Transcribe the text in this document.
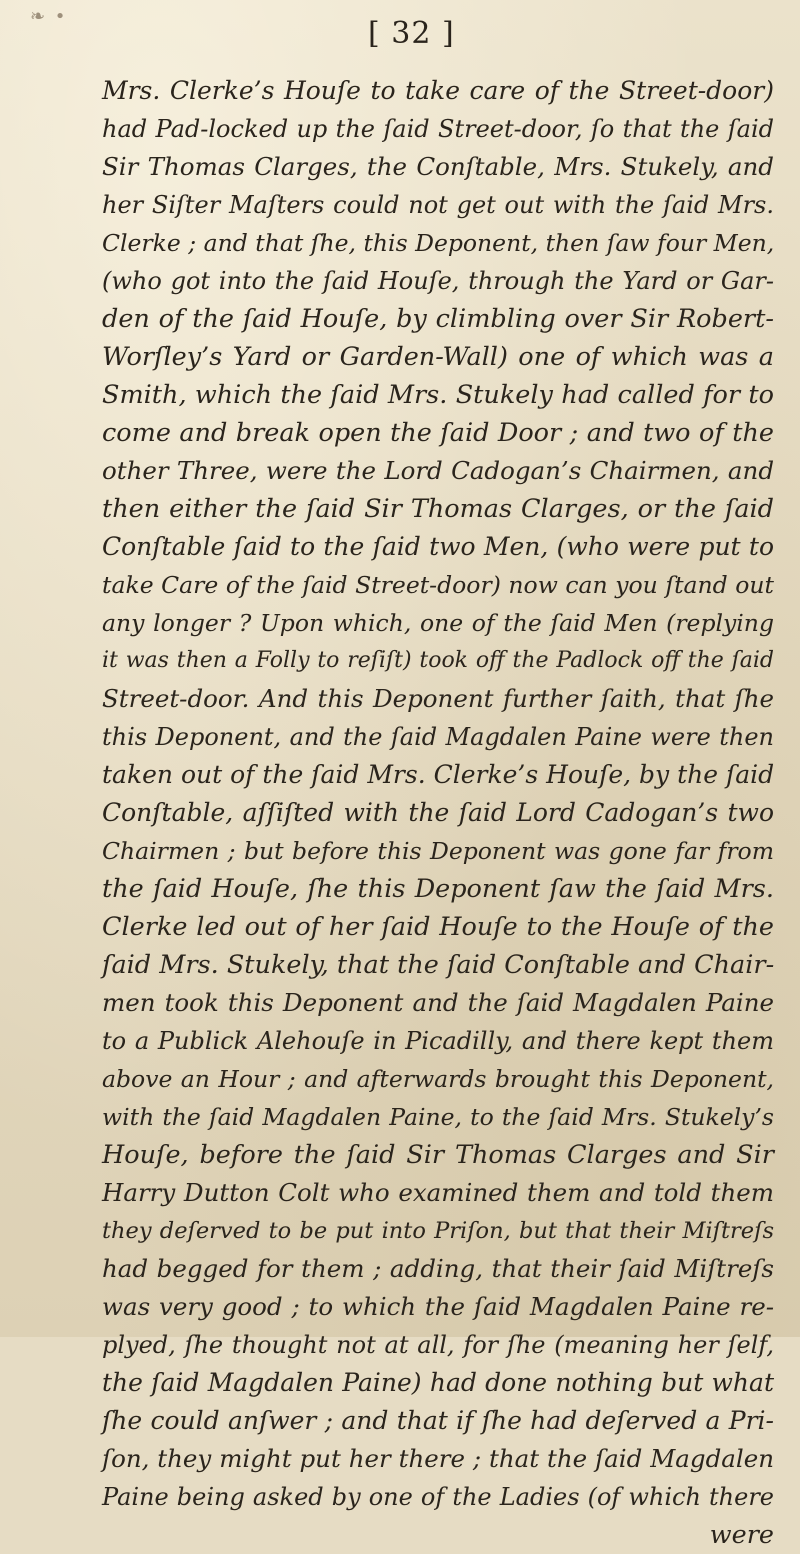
❧ •	[ 32 ]
Mrs. Clerke’s Houſe to take care of the Street-door)
had Pad-locked up the ſaid Street-door, ſo that the ſaid
Sir Thomas Clarges, the Conſtable, Mrs. Stukely, and
her Siſter Maſters could not get out with the ſaid Mrs.
Clerke ; and that ſhe, this Deponent, then ſaw four Men,
(who got into the ſaid Houſe, through the Yard or Gar-
den of the ſaid Houſe, by climbling over Sir Robert-
Worſley’s Yard or Garden-Wall) one of which was a
Smith, which the ſaid Mrs. Stukely had called for to
come and break open the ſaid Door ; and two of the
other Three, were the Lord Cadogan’s Chairmen, and
then either the ſaid Sir Thomas Clarges, or the ſaid
Conſtable ſaid to the ſaid two Men, (who were put to
take Care of the ſaid Street-door) now can you ſtand out
any longer ? Upon which, one of the ſaid Men (replying
it was then a Folly to reſiſt) took off the Padlock off the ſaid
Street-door. And this Deponent further ſaith, that ſhe
this Deponent, and the ſaid Magdalen Paine were then
taken out of the ſaid Mrs. Clerke’s Houſe, by the ſaid
Conſtable, aſſiſted with the ſaid Lord Cadogan’s two
Chairmen ; but before this Deponent was gone far from
the ſaid Houſe, ſhe this Deponent ſaw the ſaid Mrs.
Clerke led out of her ſaid Houſe to the Houſe of the
ſaid Mrs. Stukely, that the ſaid Conſtable and Chair-
men took this Deponent and the ſaid Magdalen Paine
to a Publick Alehouſe in Picadilly, and there kept them
above an Hour ; and afterwards brought this Deponent,
with the ſaid Magdalen Paine, to the ſaid Mrs. Stukely’s
Houſe, before the ſaid Sir Thomas Clarges and Sir
Harry Dutton Colt who examined them and told them
they deſerved to be put into Priſon, but that their Miſtreſs
had begged for them ; adding, that their ſaid Miſtreſs
was very good ; to which the ſaid Magdalen Paine re-
plyed, ſhe thought not at all, for ſhe (meaning her ſelf,
the ſaid Magdalen Paine) had done nothing but what
ſhe could anſwer ; and that if ſhe had deſerved a Pri-
ſon, they might put her there ; that the ſaid Magdalen
Paine being asked by one of the Ladies (of which there
were
